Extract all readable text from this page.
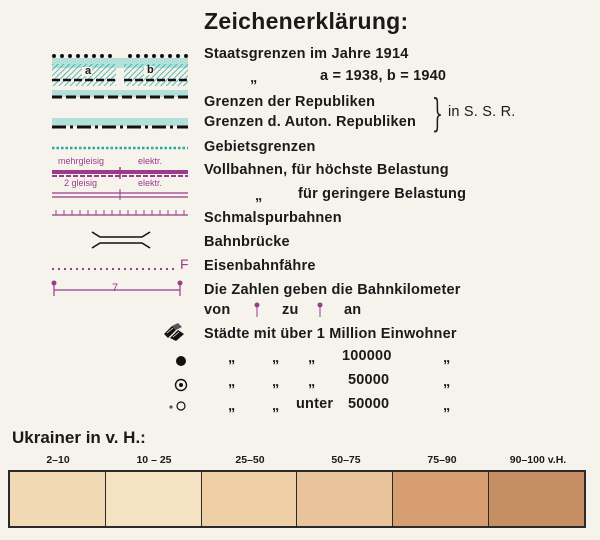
Zeichenerklärung:
Staatsgrenzen im Jahre 1914
a	b	„	a = 1938, b = 1940
Grenzen der Republiken
Grenzen d. Auton. Republiken } in S. S. R.
Gebietsgrenzen
mehrgleisig	elektr.
Vollbahnen, für höchste Belastung
2 gleisig	elektr.
„ für geringere Belastung
Schmalspurbahnen
Bahnbrücke
F Eisenbahnfähre
7	Die Zahlen geben die Bahnkilometer
von	zu	an
Städte mit über 1 Million Einwohner
„	„ „ 100000	„
„	„ „ 50000	„
„	„ unter 50000	„
Ukrainer in v. H.:
2–10	10 – 25	25–50	50–75	75–90	90–100 v.H.
